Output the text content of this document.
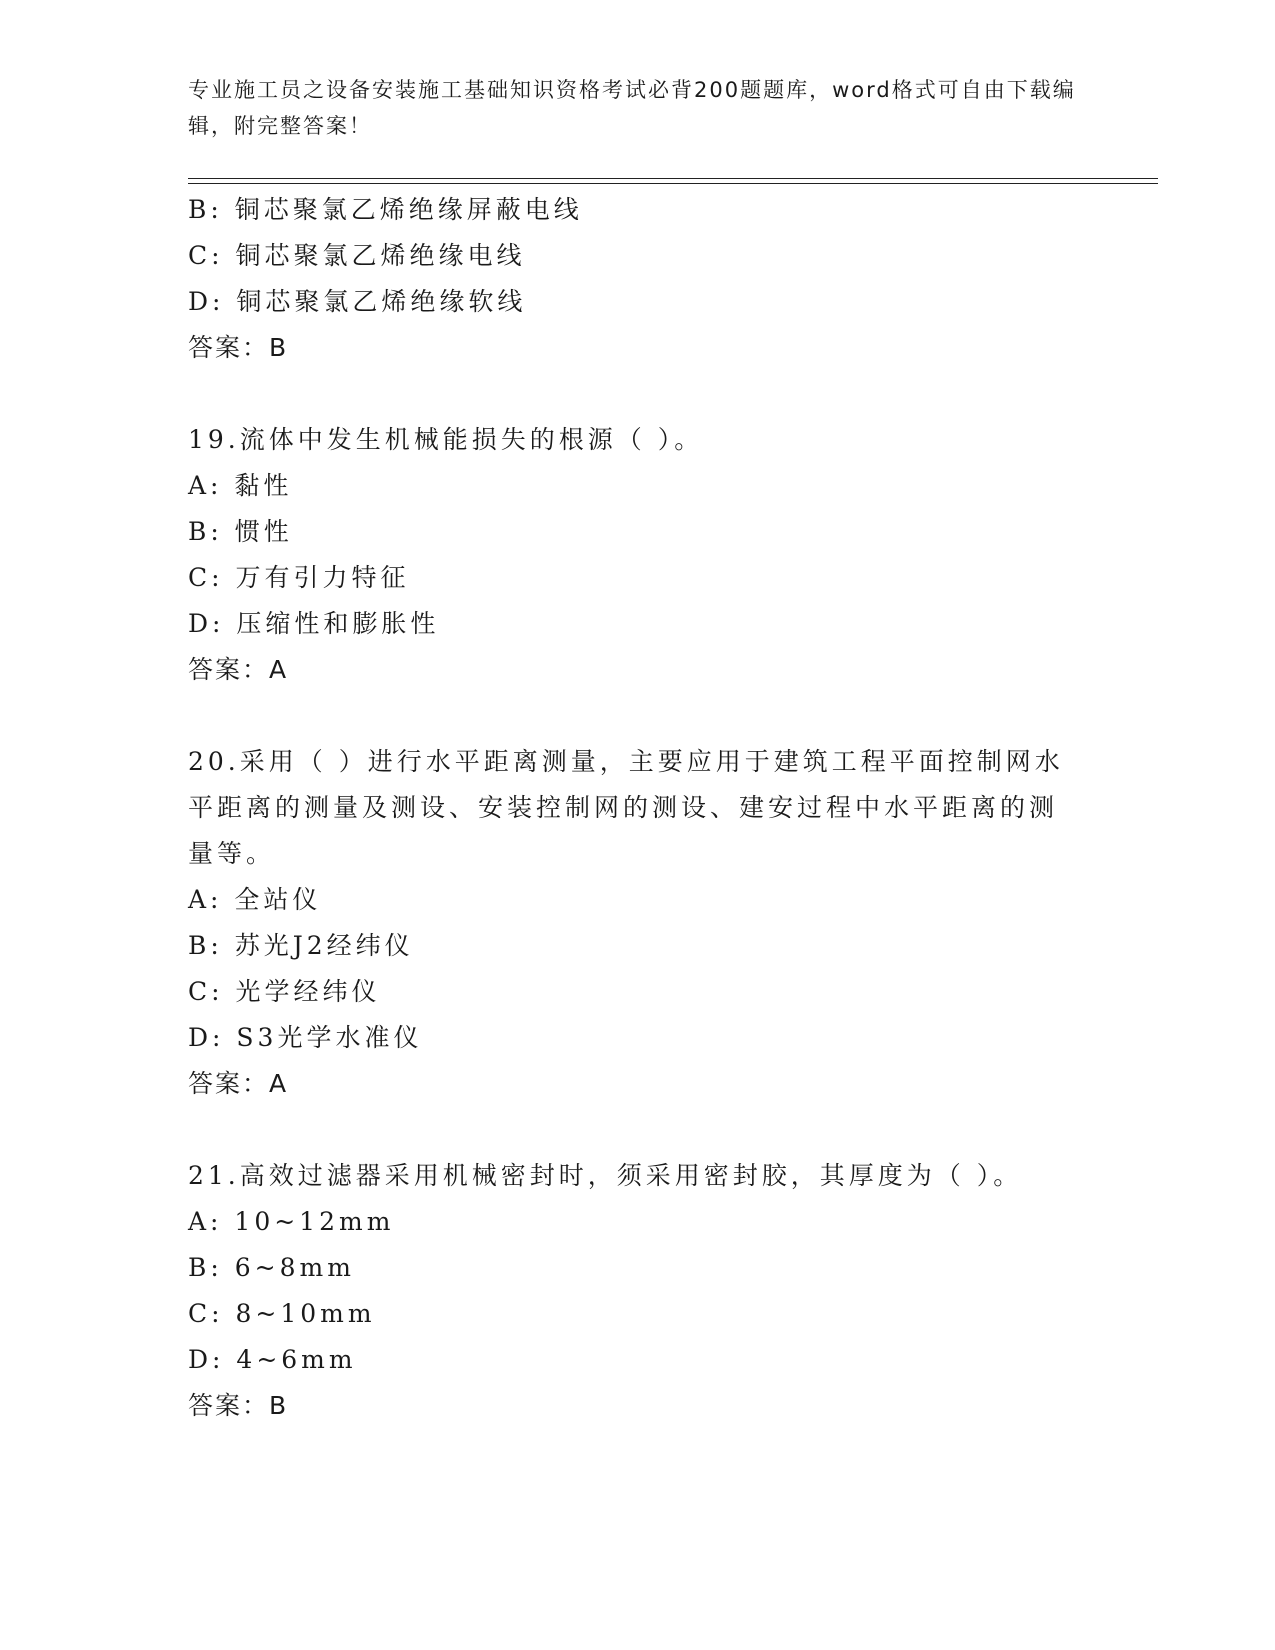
专业施工员之设备安装施工基础知识资格考试必背200题题库，word格式可自由下载编辑，附完整答案！
B: 铜芯聚氯乙烯绝缘屏蔽电线
C: 铜芯聚氯乙烯绝缘电线
D: 铜芯聚氯乙烯绝缘软线
答案：B
19.流体中发生机械能损失的根源（ ）。
A: 黏性
B: 惯性
C: 万有引力特征
D: 压缩性和膨胀性
答案：A
20.采用（ ）进行水平距离测量，主要应用于建筑工程平面控制网水平距离的测量及测设、安装控制网的测设、建安过程中水平距离的测量等。
A: 全站仪
B: 苏光J2经纬仪
C: 光学经纬仪
D: S3光学水准仪
答案：A
21.高效过滤器采用机械密封时，须采用密封胶，其厚度为（ ）。
A: 10~12mm
B: 6~8mm
C: 8~10mm
D: 4~6mm
答案：B
